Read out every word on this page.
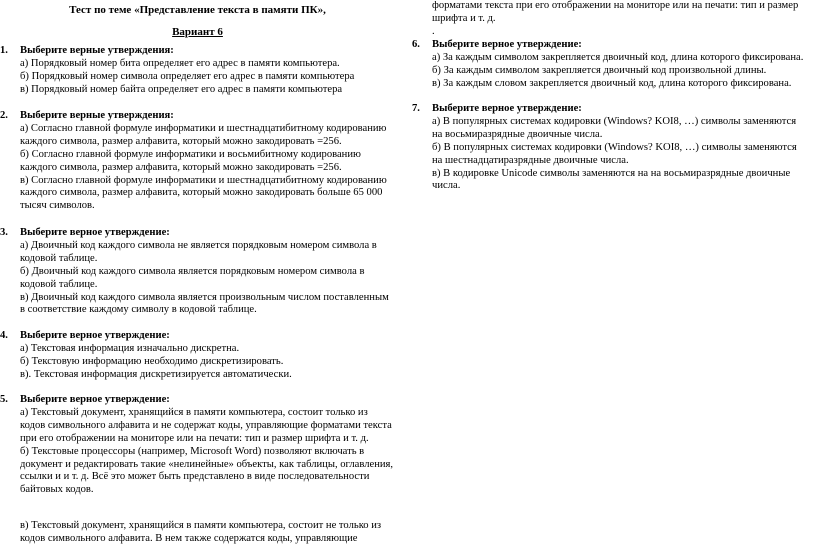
Тест по теме «Представление текста в памяти ПК»,
Вариант 6
1.	Выберите верные утверждения:
а) Порядковый номер бита определяет его адрес в памяти компьютера.
б) Порядковый номер символа определяет его адрес в памяти компьютера
в) Порядковый номер байта определяет его адрес в памяти компьютера
2.	Выберите верные утверждения:
а) Согласно главной формуле информатики и шестнадцатибитному кодированию
каждого символа, размер алфавита, который можно закодировать =256.
б) Согласно главной формуле информатики и восьмибитному кодированию
каждого символа, размер алфавита, который можно закодировать =256.
в) Согласно главной формуле информатики и шестнадцатибитному кодированию
каждого символа, размер алфавита, который можно закодировать больше 65 000
тысяч символов.
3.	Выберите верное утверждение:
а) Двоичный код каждого символа не является порядковым номером символа в
кодовой таблице.
б) Двоичный код каждого символа является порядковым номером символа в
кодовой таблице.
в) Двоичный код каждого символа является произвольным числом поставленным
в соответствие каждому символу в кодовой таблице.
4.	Выберите верное утверждение:
а) Текстовая информация изначально дискретна.
б) Текстовую информацию необходимо дискретизировать.
в). Текстовая информация дискретизируется автоматически.
5.	Выберите верное утверждение:
а) Текстовый документ, хранящийся в памяти компьютера, состоит только из
кодов символьного алфавита и не содержат коды, управляющие форматами текста
при его отображении на мониторе или на печати: тип и размер шрифта и т. д.
б) Текстовые процессоры (например, Microsoft Word) позволяют включать в
документ и редактировать такие «нелинейные» объекты, как таблицы, оглавления,
ссылки и и т. д. Всё это может быть представлено в виде последовательности
байтовых кодов.
в) Текстовый документ, хранящийся в памяти компьютера, состоит не только из
кодов символьного алфавита. В нем также содержатся коды, управляющие
форматами текста при его отображении на мониторе или на печати: тип и размер
шрифта и т. д.
.
6.	Выберите верное утверждение:
а) За каждым символом закрепляется двоичный код, длина которого фиксирована.
б) За каждым символом закрепляется двоичный код произвольной длины.
в) За каждым словом закрепляется двоичный код, длина которого фиксирована.
7.	Выберите верное утверждение:
а) В популярных системах кодировки (Windows? KOI8, …) символы заменяются
на восьмиразрядные двоичные числа.
б) В популярных системах кодировки (Windows? KOI8, …) символы заменяются
на шестнадцатиразрядные двоичные числа.
в) В кодировке Unicode символы заменяются на на восьмиразрядные двоичные
числа.
